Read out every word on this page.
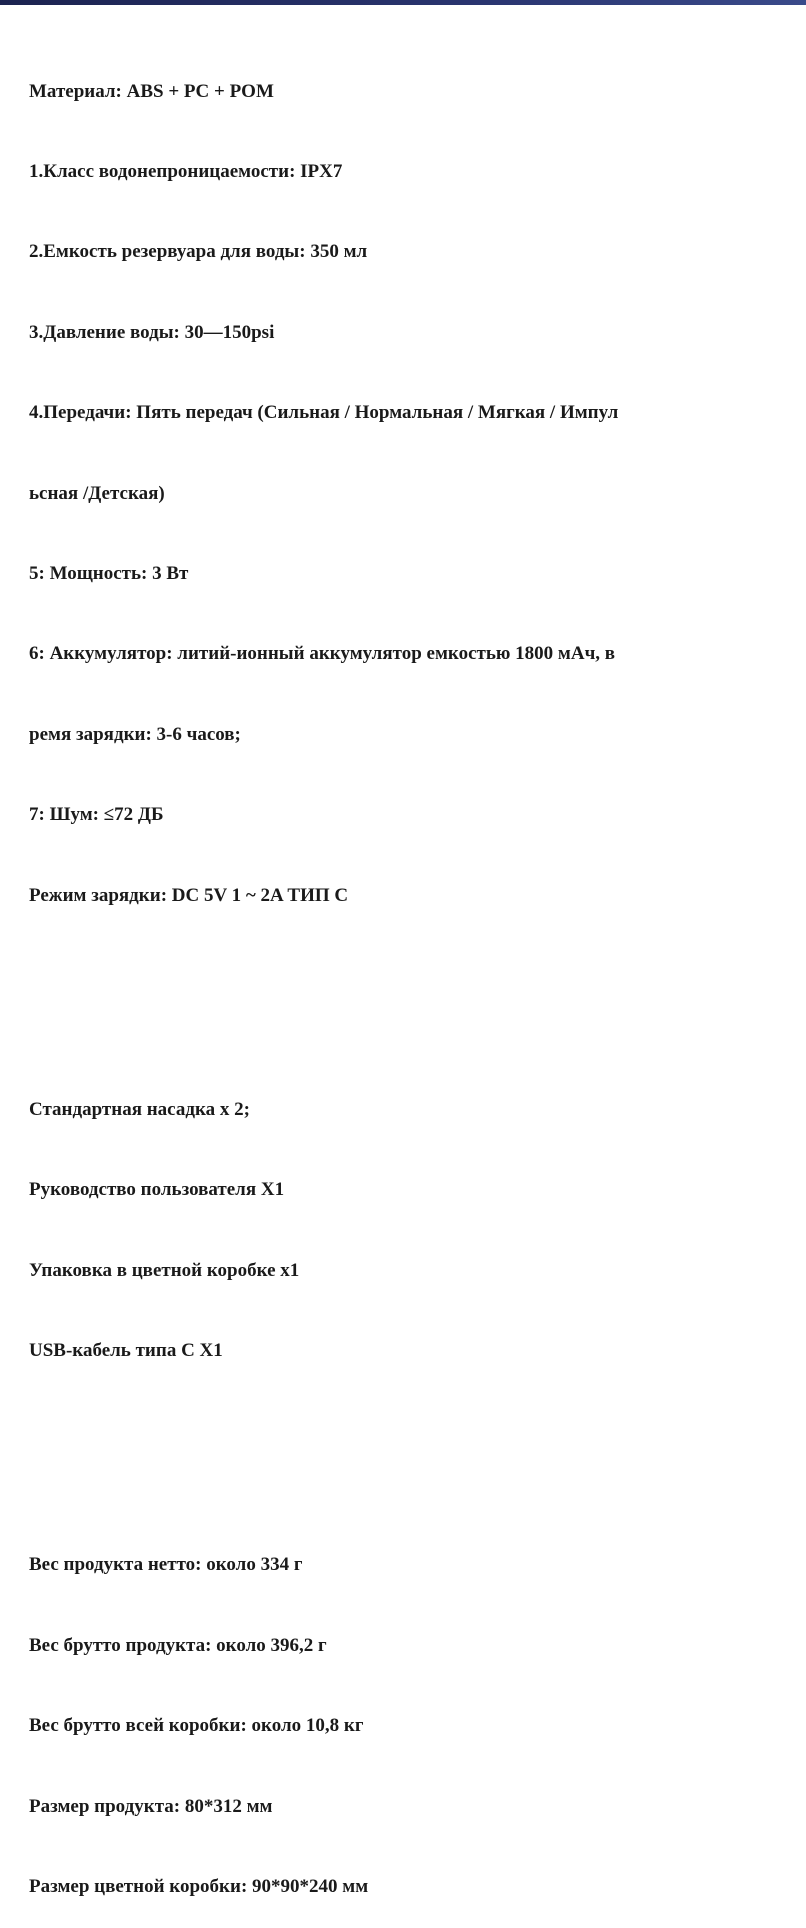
Материал: ABS + PC + POM

1.Класс водонепроницаемости: IPX7

2.Емкость резервуара для воды: 350 мл

3.Давление воды: 30—150psi

4.Передачи: Пять передач (Сильная / Нормальная / Мягкая / Импул

ьсная /Детская)

5: Мощность: 3 Вт

6: Аккумулятор: литий-ионный аккумулятор емкостью 1800 мАч, в

ремя зарядки: 3-6 часов;

7: Шум: ≤72 ДБ

Режим зарядки: DC 5V 1 ~ 2A ТИП C

Стандартная насадка x 2;

Руководство пользователя X1

Упаковка в цветной коробке x1

USB-кабель типа C X1

Вес продукта нетто: около 334 г

Вес брутто продукта: около 396,2 г

Вес брутто всей коробки: около 10,8 кг

Размер продукта: 80*312 мм

Размер цветной коробки: 90*90*240 мм
